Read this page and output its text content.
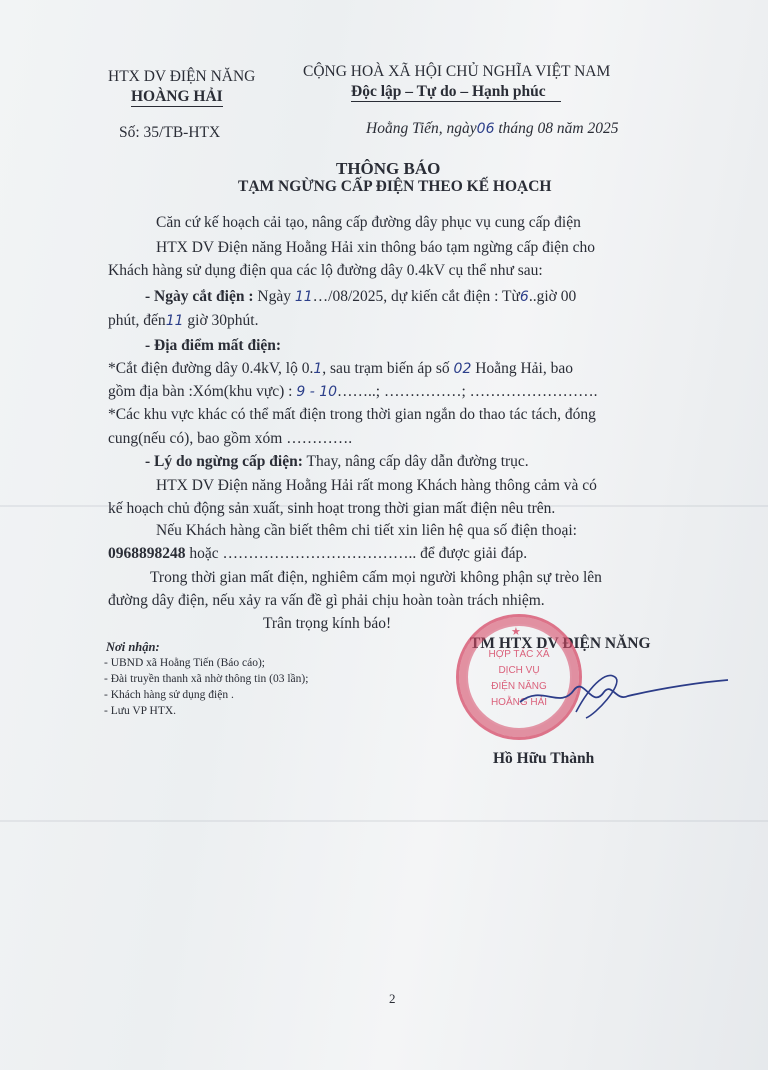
HTX DV ĐIỆN NĂNG
HOÀNG HẢI
CỘNG HOÀ XÃ HỘI CHỦ NGHĨA VIỆT NAM
Độc lập – Tự do – Hạnh phúc
Số: 35/TB-HTX	Hoằng Tiến, ngày06 tháng 08 năm 2025
THÔNG BÁO
TẠM NGỪNG CẤP ĐIỆN THEO KẾ HOẠCH
Căn cứ kế hoạch cải tạo, nâng cấp đường dây phục vụ cung cấp điện
HTX DV Điện năng Hoằng Hải xin thông báo tạm ngừng cấp điện cho
Khách hàng sử dụng điện qua các lộ đường dây 0.4kV cụ thể như sau:
- Ngày cắt điện : Ngày 11…/08/2025, dự kiến cắt điện : Từ6..giờ 00
phút, đến11 giờ 30phút.
- Địa điểm mất điện:
*Cắt điện đường dây 0.4kV, lộ 0.1, sau trạm biến áp số 02 Hoằng Hải, bao
gồm địa bàn :Xóm(khu vực) : 9 - 10……..; ……………; …………………….
*Các khu vực khác có thể mất điện trong thời gian ngắn do thao tác tách, đóng
cung(nếu có), bao gồm xóm ………….
- Lý do ngừng cấp điện: Thay, nâng cấp dây dẫn đường trục.
HTX DV Điện năng Hoằng Hải rất mong Khách hàng thông cảm và có
kế hoạch chủ động sản xuất, sinh hoạt trong thời gian mất điện nêu trên.
Nếu Khách hàng cần biết thêm chi tiết xin liên hệ qua số điện thoại:
0968898248 hoặc ……………………………….. để được giải đáp.
Trong thời gian mất điện, nghiêm cấm mọi người không phận sự trèo lên
đường dây điện, nếu xảy ra vấn đề gì phải chịu hoàn toàn trách nhiệm.
Trân trọng kính báo!
Nơi nhận:
- UBND xã Hoằng Tiến (Báo cáo);
- Đài truyền thanh xã nhờ thông tin (03 lần);
- Khách hàng sử dụng điện .
- Lưu VP HTX.
TM HTX DV ĐIỆN NĂNG
★
HỢP TÁC XÃ
DỊCH VỤ
ĐIỆN NĂNG
HOẰNG HẢI
Hồ Hữu Thành
2
